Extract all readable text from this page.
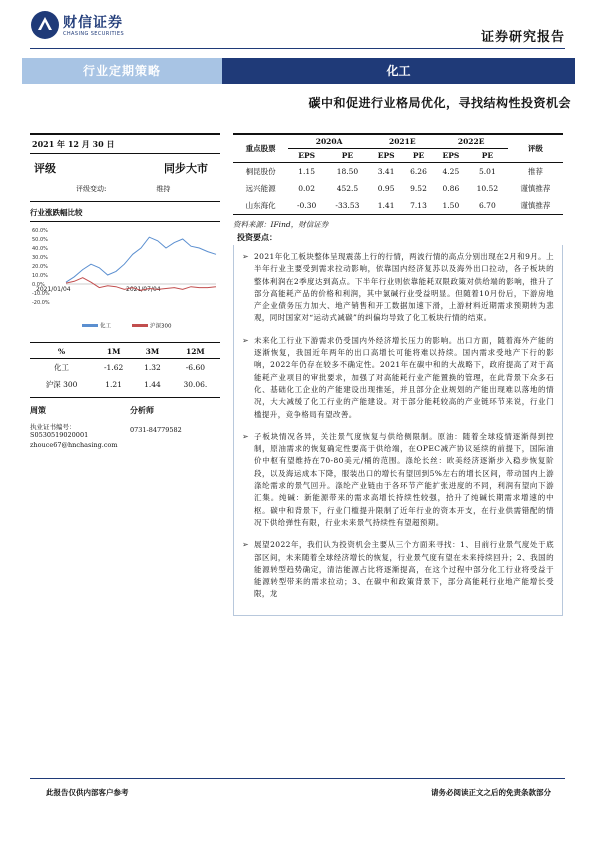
财信证券
CHASING SECURITIES	证券研究报告
行业定期策略	化工
碳中和促进行业格局优化，寻找结构性投资机会
2021 年 12 月 30 日
评级	同步大市
评级变动:	维持
行业涨跌幅比较
60.0%
50.0%
40.0%
30.0%
20.0%
10.0%
0.0%
-10.0%
-20.0%
2021/01/04	2021/07/04
化工	沪深300
%	1M	3M	12M
化工	-1.62	1.32	-6.60
沪深 300	1.21	1.44	30.06.
周策
执业证书编号：S0530519020001
zhouce67@hnchasing.com
分析师
0731-84779582
重点股票	2020A		2021E		2022E		评级
	EPS	PE	EPS	PE	EPS	PE	
桐昆股份	1.15	18.50	3.41	6.26	4.25	5.01	推荐
远兴能源	0.02	452.5	0.95	9.52	0.86	10.52	谨慎推荐
山东海化	-0.30	-33.53	1.41	7.13	1.50	6.70	谨慎推荐
资料来源：IFind，财信证券
投资要点：
➢ 2021年化工板块整体呈现震荡上行的行情，两波行情的高点分别出现在2月和9月。上半年行业主要受到需求拉动影响，依靠国内经济复苏以及海外出口拉动，各子板块的整体利润在2季度达到高点。下半年行业则依靠能耗双限政策对供给端的影响，推升了部分高能耗产品的价格和利润，其中氯碱行业受益明显。但随着10月份后，下游房地产企业债务压力加大、地产销售和开工数据加速下滑，上游材料近期需求预期转为悲观，同时国家对“运动式减碳”的纠偏均导致了化工板块行情的结束。

➢ 未来化工行业下游需求仍受国内外经济增长压力的影响。出口方面，随着海外产能的逐渐恢复，我国近年两年的出口高增长可能将难以持续。国内需求受地产下行的影响，2022年仍存在较多不确定性。2021年在碳中和的大战略下，政府提高了对于高能耗产业项目的审批要求，加强了对高能耗行业产能置换的管理，在此背景下众多石化、基础化工企业的产能建设出现推延，并且部分企业规划的产能出现难以落地的情况，大大减缓了化工行业的产能建设。对于部分能耗较高的产业链环节来说，行业门槛提升，竞争格局有望改善。

➢ 子板块情况各异，关注景气度恢复与供给侧限制。原油：随着全球疫情逐渐得到控制，原油需求的恢复确定性要高于供给端，在OPEC减产协议延续的前提下，国际油价中枢有望维持在70-80美元/桶的范围。涤纶长丝：欧美经济逐渐步入稳步恢复阶段，以及海运成本下降，服装出口的增长有望回到5%左右的增长区间，带动国内上游涤纶需求的景气回升。涤纶产业链由于各环节产能扩张进度的不同，利润有望向下游汇集。纯碱：新能源带来的需求高增长持续性较强，拾升了纯碱长期需求增速的中枢。碳中和背景下，行业门槛提升限制了近年行业的资本开支，在行业供需错配的情况下供给弹性有限，行业未来景气持续性有望超预期。

➢ 展望2022年，我们认为投资机会主要从三个方面来寻找：1、目前行业景气度处于底部区间，未来随着全球经济增长的恢复，行业景气度有望在未来持续回升；2、我国的能源转型趋势确定，清洁能源占比将逐渐提高，在这个过程中部分化工行业将受益于能源转型带来的需求拉动；3、在碳中和政策背景下，部分高能耗行业地产能增长受限，龙

此报告仅供内部客户参考	请务必阅读正文之后的免责条款部分
